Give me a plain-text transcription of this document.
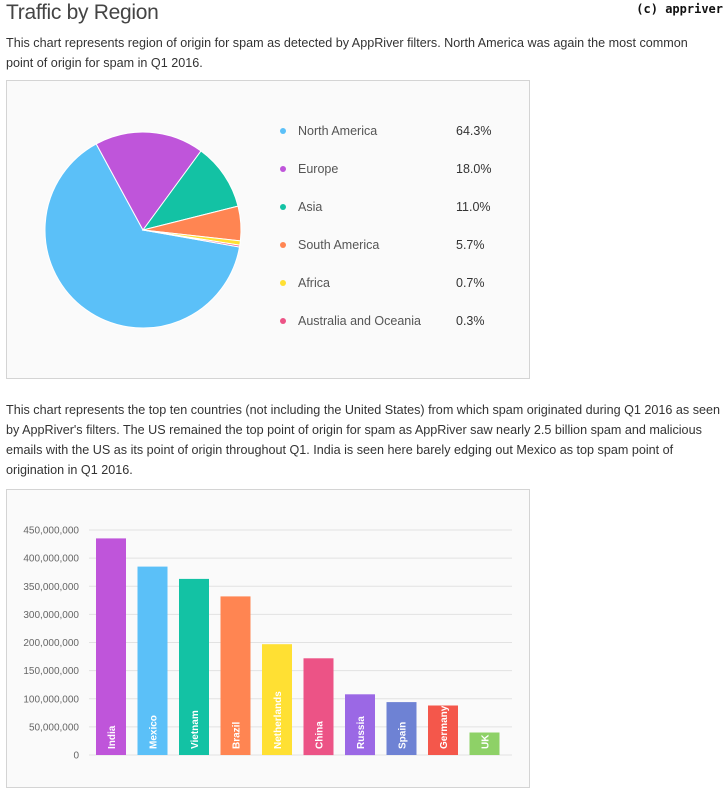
Traffic by Region	(c) appriver

This chart represents region of origin for spam as detected by AppRiver filters. North America was again the most common point of origin for spam in Q1 2016.

North America	64.3%
Europe	18.0%
Asia	11.0%
South America	5.7%
Africa	0.7%
Australia and Oceania	0.3%

This chart represents the top ten countries (not including the United States) from which spam originated during Q1 2016 as seen by AppRiver's filters. The US remained the top point of origin for spam as AppRiver saw nearly 2.5 billion spam and malicious emails with the US as its point of origin throughout Q1. India is seen here barely edging out Mexico as top spam point of origination in Q1 2016.

0
50,000,000
100,000,000
150,000,000
200,000,000
300,000,000
350,000,000
400,000,000
450,000,000
India	Mexico	Vietnam	Brazil	Netherlands	China	Russia	Spain	Germany	UK
